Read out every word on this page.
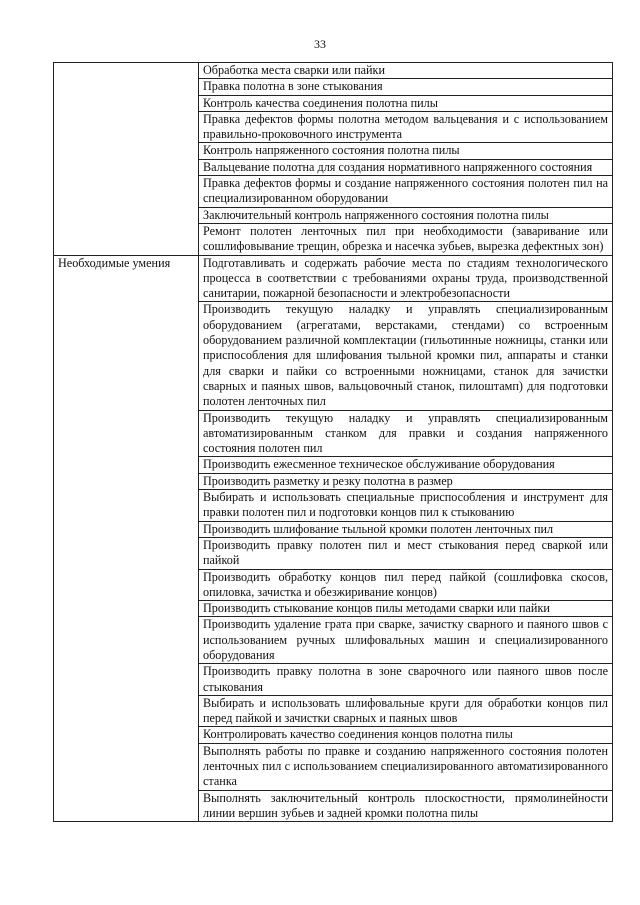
33
	Обработка места сварки или пайки
	Правка полотна в зоне стыкования
	Контроль качества соединения полотна пилы
	Правка дефектов формы полотна методом вальцевания и с использованием правильно-проковочного инструмента
	Контроль напряженного состояния полотна пилы
	Вальцевание полотна для создания нормативного напряженного состояния
	Правка дефектов формы и создание напряженного состояния полотен пил на специализированном оборудовании
	Заключительный контроль напряженного состояния полотна пилы
	Ремонт полотен ленточных пил при необходимости (заваривание или сошлифовывание трещин, обрезка и насечка зубьев, вырезка дефектных зон)
Необходимые умения	Подготавливать и содержать рабочие места по стадиям технологического процесса в соответствии с требованиями охраны труда, производственной санитарии, пожарной безопасности и электробезопасности
	Производить текущую наладку и управлять специализированным оборудованием (агрегатами, верстаками, стендами) со встроенным оборудованием различной комплектации (гильотинные ножницы, станки или приспособления для шлифования тыльной кромки пил, аппараты и станки для сварки и пайки со встроенными ножницами, станок для зачистки сварных и паяных швов, вальцовочный станок, пилоштамп) для подготовки полотен ленточных пил
	Производить текущую наладку и управлять специализированным автоматизированным станком для правки и создания напряженного состояния полотен пил
	Производить ежесменное техническое обслуживание оборудования
	Производить разметку и резку полотна в размер
	Выбирать и использовать специальные приспособления и инструмент для правки полотен пил и подготовки концов пил к стыкованию
	Производить шлифование тыльной кромки полотен ленточных пил
	Производить правку полотен пил и мест стыкования перед сваркой или пайкой
	Производить обработку концов пил перед пайкой (сошлифовка скосов, опиловка, зачистка и обезжиривание концов)
	Производить стыкование концов пилы методами сварки или пайки
	Производить удаление грата при сварке, зачистку сварного и паяного швов с использованием ручных шлифовальных машин и специализированного оборудования
	Производить правку полотна в зоне сварочного или паяного швов после стыкования
	Выбирать и использовать шлифовальные круги для обработки концов пил перед пайкой и зачистки сварных и паяных швов
	Контролировать качество соединения концов полотна пилы
	Выполнять работы по правке и созданию напряженного состояния полотен ленточных пил с использованием специализированного автоматизированного станка
	Выполнять заключительный контроль плоскостности, прямолинейности линии вершин зубьев и задней кромки полотна пилы
